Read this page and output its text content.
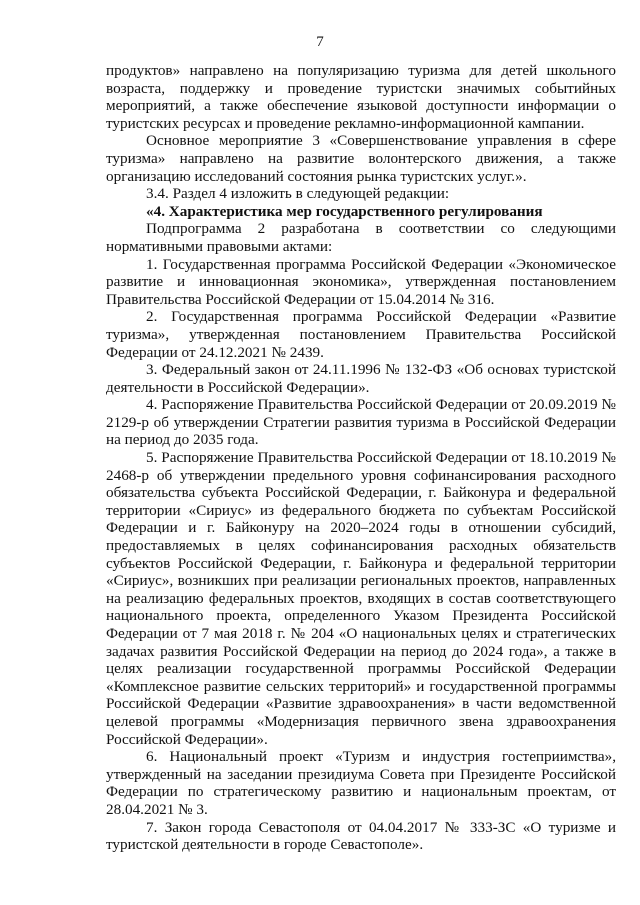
7

продуктов» направлено на популяризацию туризма для детей школьного возраста, поддержку и проведение туристски значимых событийных мероприятий, а также обеспечение языковой доступности информации о туристских ресурсах и проведение рекламно-информационной кампании.

Основное мероприятие 3 «Совершенствование управления в сфере туризма» направлено на развитие волонтерского движения, а также организацию исследований состояния рынка туристских услуг.».

3.4. Раздел 4 изложить в следующей редакции:

«4. Характеристика мер государственного регулирования

Подпрограмма 2 разработана в соответствии со следующими нормативными правовыми актами:

1. Государственная программа Российской Федерации «Экономическое развитие и инновационная экономика», утвержденная постановлением Правительства Российской Федерации от 15.04.2014 № 316.

2. Государственная программа Российской Федерации «Развитие туризма», утвержденная постановлением Правительства Российской Федерации от 24.12.2021 № 2439.

3. Федеральный закон от 24.11.1996 № 132-ФЗ «Об основах туристской деятельности в Российской Федерации».

4. Распоряжение Правительства Российской Федерации от 20.09.2019 № 2129-р об утверждении Стратегии развития туризма в Российской Федерации на период до 2035 года.

5. Распоряжение Правительства Российской Федерации от 18.10.2019 № 2468-р об утверждении предельного уровня софинансирования расходного обязательства субъекта Российской Федерации, г. Байконура и федеральной территории «Сириус» из федерального бюджета по субъектам Российской Федерации и г. Байконуру на 2020–2024 годы в отношении субсидий, предоставляемых в целях софинансирования расходных обязательств субъектов Российской Федерации, г. Байконура и федеральной территории «Сириус», возникших при реализации региональных проектов, направленных на реализацию федеральных проектов, входящих в состав соответствующего национального проекта, определенного Указом Президента Российской Федерации от 7 мая 2018 г. № 204 «О национальных целях и стратегических задачах развития Российской Федерации на период до 2024 года», а также в целях реализации государственной программы Российской Федерации «Комплексное развитие сельских территорий» и государственной программы Российской Федерации «Развитие здравоохранения» в части ведомственной целевой программы «Модернизация первичного звена здравоохранения Российской Федерации».

6. Национальный проект «Туризм и индустрия гостеприимства», утвержденный на заседании президиума Совета при Президенте Российской Федерации по стратегическому развитию и национальным проектам, от 28.04.2021 № 3.

7. Закон города Севастополя от 04.04.2017 № 333-ЗС «О туризме и туристской деятельности в городе Севастополе».
